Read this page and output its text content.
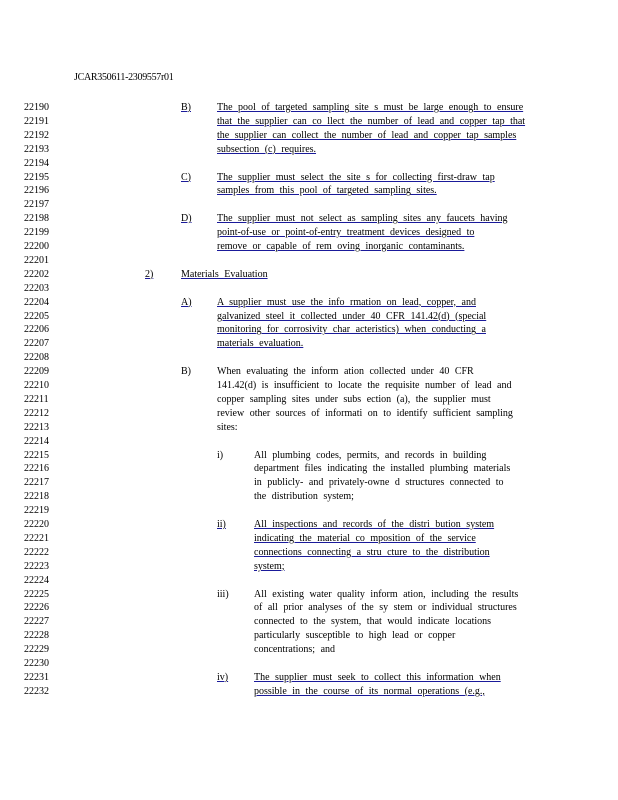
JCAR350611-2309557r01
22190
22191
22192
22193
22194
22195
22196
22197
22198
22199
22200
22201
22202
22203
22204
22205
22206
22207
22208
22209
22210
22211
22212
22213
22214
22215
22216
22217
22218
22219
22220
22221
22222
22223
22224
22225
22226
22227
22228
22229
22230
22231
22232
B)	The pool of targeted sampling site s must be large enough to ensure
that the supplier can co llect the number of lead and copper tap that
the supplier can collect the number of lead and copper tap samples
subsection (c) requires.
C)	The supplier must select the site s for collecting first-draw tap
samples from this pool of targeted sampling sites.
D)	The supplier must not select as sampling sites any faucets having
point-of-use or point-of-entry treatment devices designed to
remove or capable of rem oving inorganic contaminants.
2)	Materials Evaluation
A)	A supplier must use the info rmation on lead, copper, and
galvanized steel it collected under 40 CFR 141.42(d) (special
monitoring for corrosivity char acteristics) when conducting a
materials evaluation.
B)	When evaluating the inform ation collected under 40 CFR
141.42(d) is insufficient to locate the requisite number of lead and
copper sampling sites under subs ection (a), the supplier must
review other sources of informati on to identify sufficient sampling
sites:
i)	All plumbing codes, permits, and records in building
department files indicating the installed plumbing materials
in publicly- and privately-owne d structures connected to
the distribution system;
ii)	All inspections and records of the distri bution system
indicating the material co mposition of the service
connections connecting a stru cture to the distribution
system;
iii)	All existing water quality inform ation, including the results
of all prior analyses of the sy stem or individual structures
connected to the system, that would indicate locations
particularly susceptible to high lead or copper
concentrations; and
iv)	The supplier must seek to collect this information when
possible in the course of its normal operations (e.g.,
